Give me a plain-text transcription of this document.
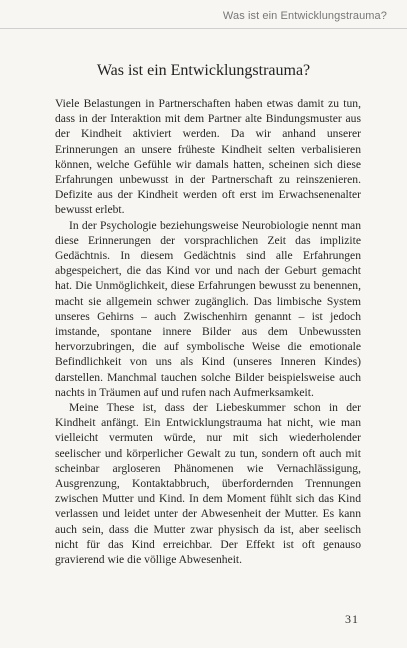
Was ist ein Entwicklungstrauma?
Was ist ein Entwicklungstrauma?

Viele Belastungen in Partnerschaften haben etwas damit zu tun, dass in der Interaktion mit dem Partner alte Bindungsmuster aus der Kindheit aktiviert werden. Da wir anhand unserer Erinnerungen an unsere früheste Kindheit selten verbalisieren können, welche Gefühle wir damals hatten, scheinen sich diese Erfahrungen unbewusst in der Partnerschaft zu reinszenieren. Defizite aus der Kindheit werden oft erst im Erwachsenenalter bewusst erlebt.

In der Psychologie beziehungsweise Neurobiologie nennt man diese Erinnerungen der vorsprachlichen Zeit das implizite Gedächtnis. In diesem Gedächtnis sind alle Erfahrungen abgespeichert, die das Kind vor und nach der Geburt gemacht hat. Die Unmöglichkeit, diese Erfahrungen bewusst zu benennen, macht sie allgemein schwer zugänglich. Das limbische System unseres Gehirns – auch Zwischenhirn genannt – ist jedoch imstande, spontane innere Bilder aus dem Unbewussten hervorzubringen, die auf symbolische Weise die emotionale Befindlichkeit von uns als Kind (unseres Inneren Kindes) darstellen. Manchmal tauchen solche Bilder beispielsweise auch nachts in Träumen auf und rufen nach Aufmerksamkeit.

Meine These ist, dass der Liebeskummer schon in der Kindheit anfängt. Ein Entwicklungstrauma hat nicht, wie man vielleicht vermuten würde, nur mit sich wiederholender seelischer und körperlicher Gewalt zu tun, sondern oft auch mit scheinbar argloseren Phänomenen wie Vernachlässigung, Ausgrenzung, Kontaktabbruch, überfordernden Trennungen zwischen Mutter und Kind. In dem Moment fühlt sich das Kind verlassen und leidet unter der Abwesenheit der Mutter. Es kann auch sein, dass die Mutter zwar physisch da ist, aber seelisch nicht für das Kind erreichbar. Der Effekt ist oft genauso gravierend wie die völlige Abwesenheit.

31
